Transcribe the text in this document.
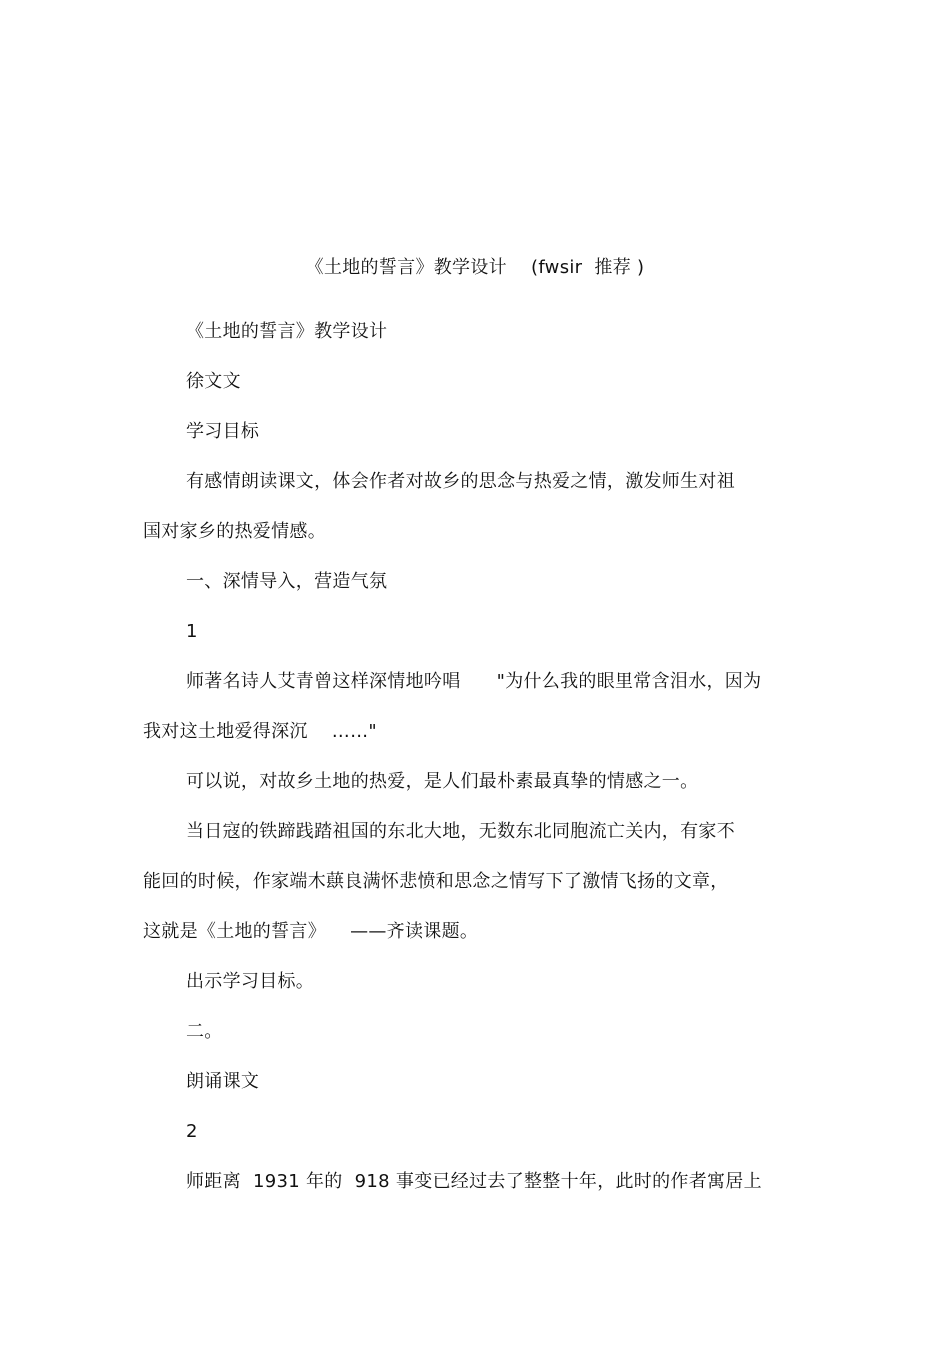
《土地的誓言》教学设计    (fwsir  推荐 )
《土地的誓言》教学设计
徐文文
学习目标
有感情朗读课文，体会作者对故乡的思念与热爱之情，激发师生对祖
国对家乡的热爱情感。
一、深情导入，营造气氛
1
师著名诗人艾青曾这样深情地吟唱      "为什么我的眼里常含泪水，因为
我对这土地爱得深沉    ……"
可以说，对故乡土地的热爱，是人们最朴素最真挚的情感之一。
当日寇的铁蹄践踏祖国的东北大地，无数东北同胞流亡关内，有家不
能回的时候，作家端木蕻良满怀悲愤和思念之情写下了激情飞扬的文章，
这就是《土地的誓言》    ——齐读课题。
出示学习目标。
二。
朗诵课文
2
师距离  1931 年的  918 事变已经过去了整整十年，此时的作者寓居上
